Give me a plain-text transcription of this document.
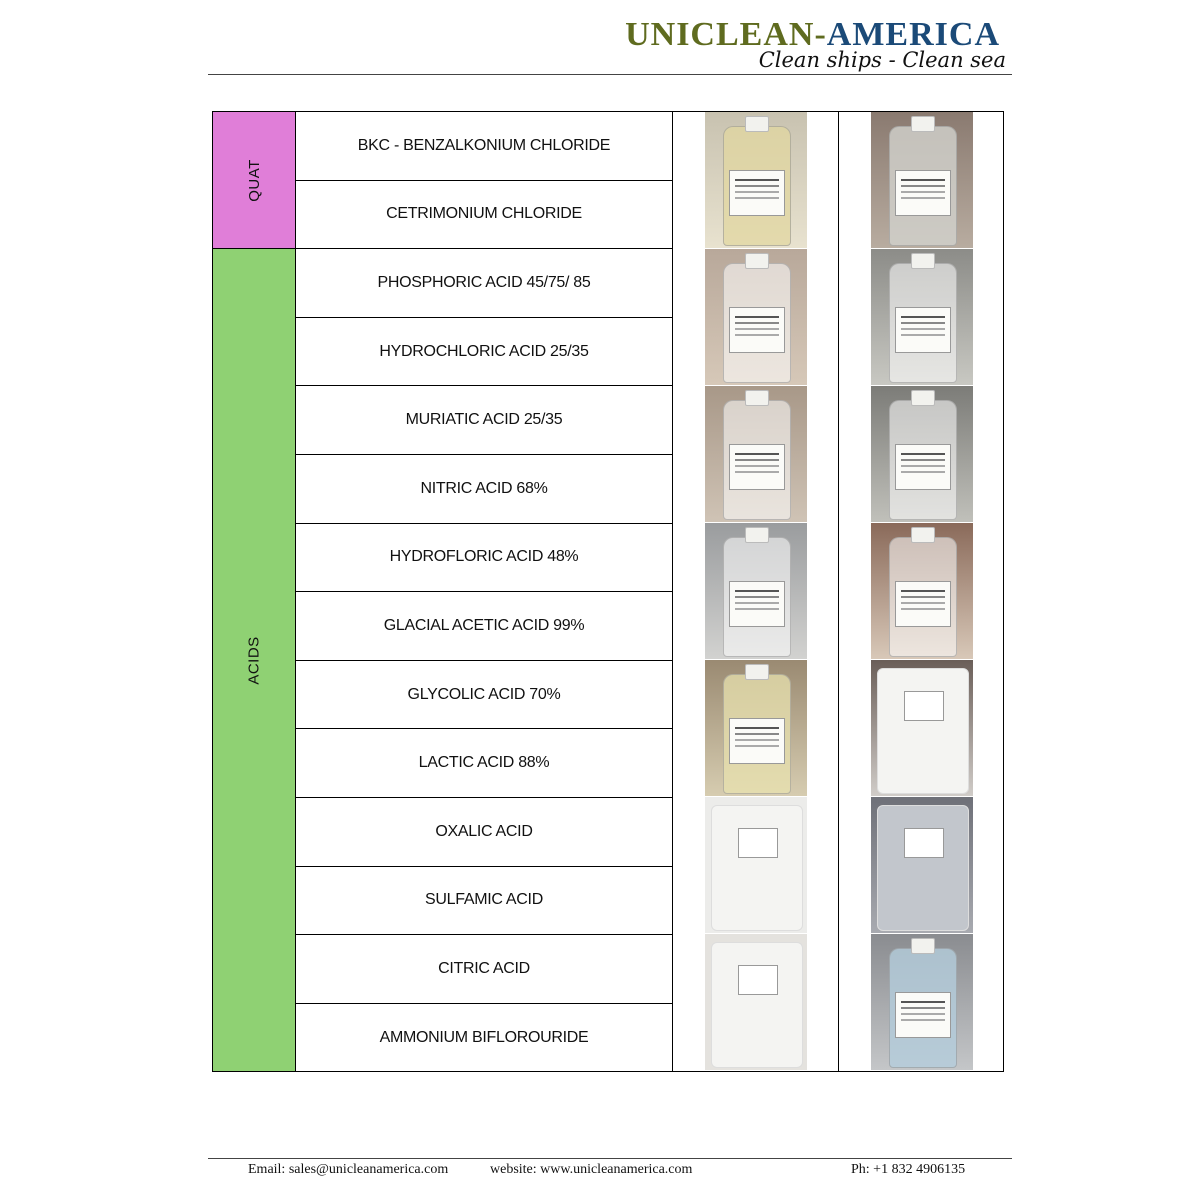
UNICLEAN-AMERICA
Clean ships - Clean sea
QUAT
ACIDS
BKC - BENZALKONIUM CHLORIDE
CETRIMONIUM CHLORIDE
PHOSPHORIC ACID 45/75/ 85
HYDROCHLORIC ACID 25/35
MURIATIC ACID 25/35
NITRIC ACID 68%
HYDROFLORIC ACID 48%
GLACIAL ACETIC ACID 99%
GLYCOLIC ACID 70%
LACTIC ACID 88%
OXALIC ACID
SULFAMIC ACID
CITRIC ACID
AMMONIUM BIFLOROURIDE
Email: sales@unicleanamerica.com	website: www.unicleanamerica.com	Ph: +1 832 4906135
